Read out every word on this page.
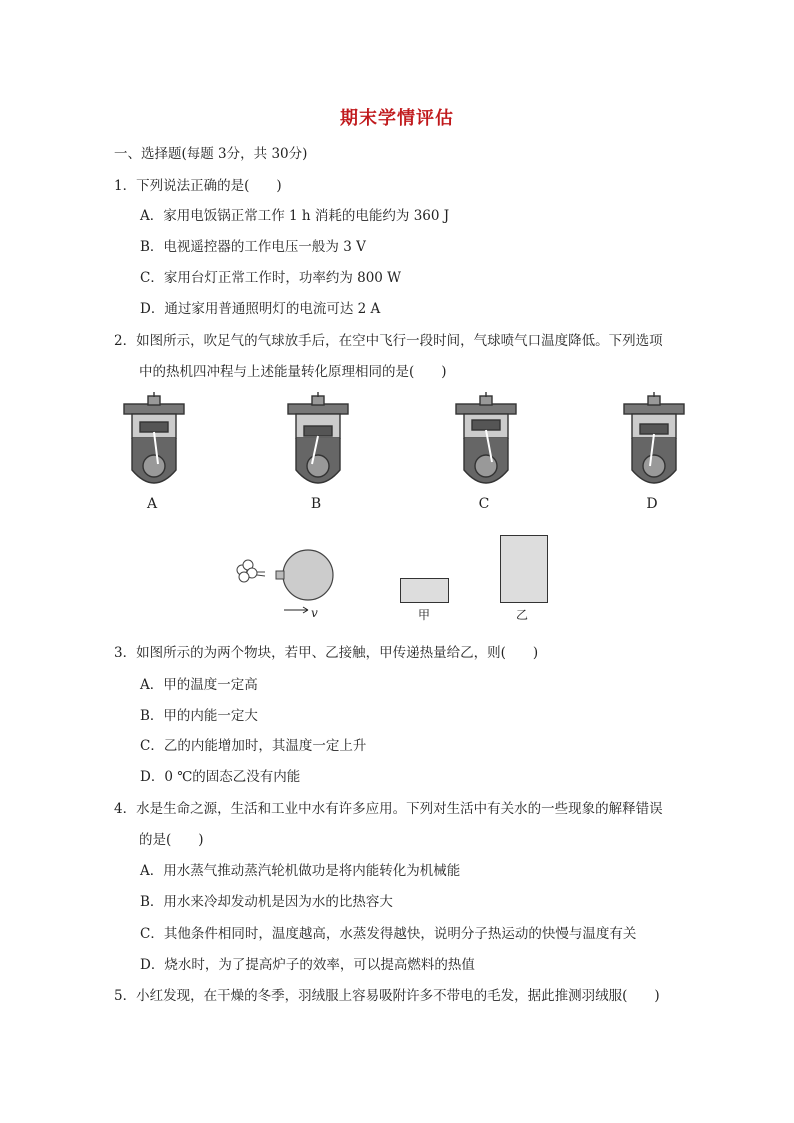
期末学情评估
一、选择题(每题 3分，共 30分)
1．下列说法正确的是(　　)
A．家用电饭锅正常工作 1 h 消耗的电能约为 360 J
B．电视遥控器的工作电压一般为 3 V
C．家用台灯正常工作时，功率约为 800 W
D．通过家用普通照明灯的电流可达 2 A
2．如图所示，吹足气的气球放手后，在空中飞行一段时间，气球喷气口温度降低。下列选项
中的热机四冲程与上述能量转化原理相同的是(　　)
A	B	C	D
v	甲	乙
3．如图所示的为两个物块，若甲、乙接触，甲传递热量给乙，则(　　)
A．甲的温度一定高
B．甲的内能一定大
C．乙的内能增加时，其温度一定上升
D．0 ℃的固态乙没有内能
4．水是生命之源，生活和工业中水有许多应用。下列对生活中有关水的一些现象的解释错误
的是(　　)
A．用水蒸气推动蒸汽轮机做功是将内能转化为机械能
B．用水来冷却发动机是因为水的比热容大
C．其他条件相同时，温度越高，水蒸发得越快，说明分子热运动的快慢与温度有关
D．烧水时，为了提高炉子的效率，可以提高燃料的热值
5．小红发现，在干燥的冬季，羽绒服上容易吸附许多不带电的毛发，据此推测羽绒服(　　)
